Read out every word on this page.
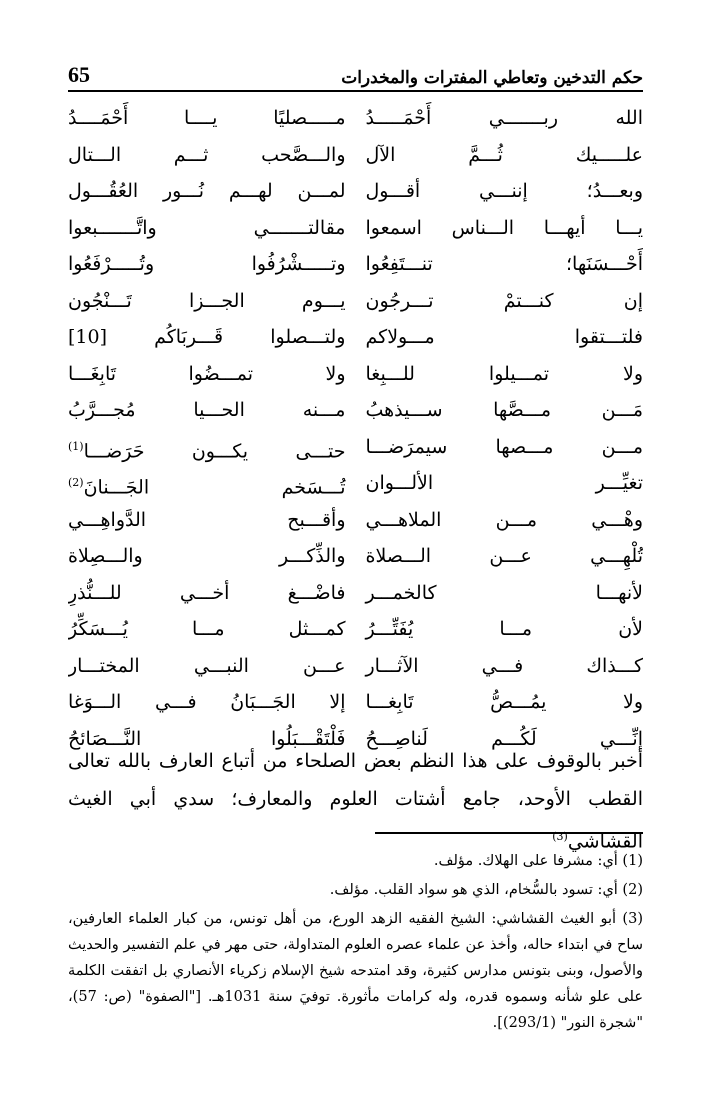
65	حكم التدخين وتعاطي المفترات والمخدرات
الله ربـــــــي أَحْمَـــــدُ
مـــــصليًا يــــا أَحْمَــــدُ
علـــــيك ثُـــمَّ الآل
والـــصَّحب ثـــم الـــتال
وبعـــدُ؛ إننـــي أقـــول
لمـــن لهـــم نُـــور العُقُـــول
يـــا أيهـــا الـــناس اسمعوا
مقالتـــــــي واتَّـــــــبعوا
أَحْـــسَنَها؛ تنـــتَفِعُوا
وتـــــشْرُفُوا وتُـــــرْفَعُوا
إن كنـــتمْ تـــرجُون
يـــوم الجـــزا تَـــنْجُون
فلتـــتقوا مـــولاكم
ولتـــصلوا قَـــربَاكُم [10]
ولا تمـــيلوا للـــبِغا
ولا تمـــضُوا تَابِغَـــا
مَـــن مـــصَّها ســـيذهبُ
مـــنه الحـــيا مُجـــرَّبُ
مـــن مـــصها سيمرَضـــا
حتـــى يكـــون حَرَضـــا$^{(1)}$
تغيِّـــر الألـــوان
تُـــسَخم الجَـــنانَ$^{(2)}$
وهْـــي مـــن الملاهـــي
وأقـــبح الدَّواهِـــي
تُلْهِـــي عـــن الـــصلاة
والذِّكـــر والـــصِلاة
لأنهـــا كالخمـــر
فاضْـــغ أخـــي للـــنُّذرِ
لأن مـــا يُفَتِّـــرُ
كمـــثل مـــا يُـــسَكِّرُ
كـــذاك فـــي الآثـــار
عـــن النبـــي المختـــار
ولا يمُـــصُّ تَابِغـــا
إلا الجَـــبَانُ فـــي الـــوَغا
إنِّـــي لَكُـــم لَناصِـــحُ
فَلْتَقْـــبَلُوا النَّـــصَائحُ
أخبر بالوقوف على هذا النظم بعض الصلحاء من أتباع العارف بالله تعالى القطب الأوحد، جامع أشتات العلوم والمعارف؛ سدي أبي الغيث القشاشي$^{(3)}$

(1) أي: مشرفا على الهلاك. مؤلف.

(2) أي: تسود بالسُّخام، الذي هو سواد القلب. مؤلف.

(3) أبو الغيث القشاشي: الشيخ الفقيه الزهد الورع، من أهل تونس، من كبار العلماء العارفين، ساح في ابتداء حاله، وأخذ عن علماء عصره العلوم المتداولة، حتى مهر في علم التفسير والحديث والأصول، وبنى بتونس مدارس كثيرة، وقد امتدحه شيخ الإسلام زكرياء الأنصاري بل اتفقت الكلمة على علو شأنه وسموه قدره، وله كرامات مأثورة. توفيَ سنة 1031هـ. ["الصفوة" (ص: 57)، "شجرة النور" (293/1)].
